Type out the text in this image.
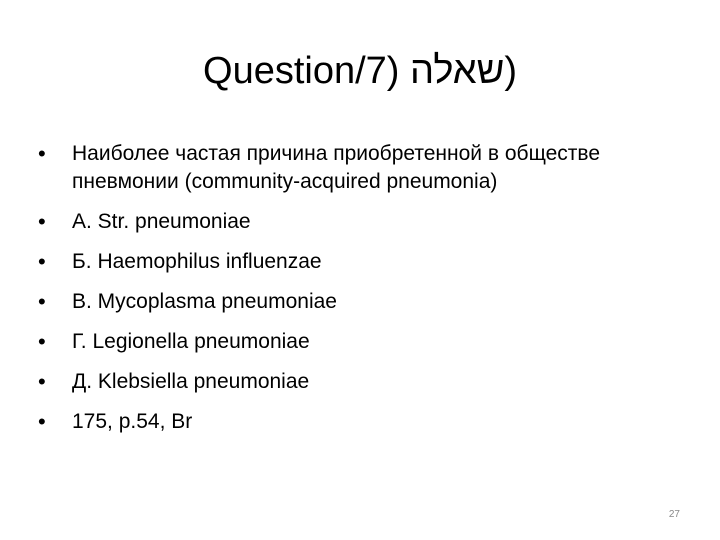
Question/7) שאלה)
• Наиболее частая причина приобретенной в обществе пневмонии (community-acquired pneumonia)
• A. Str. pneumoniae
• Б. Haemophilus influenzae
• В. Mycoplasma pneumoniae
• Г. Legionella pneumoniae
• Д. Klebsiella pneumoniae
• 175, p.54, Br
27
